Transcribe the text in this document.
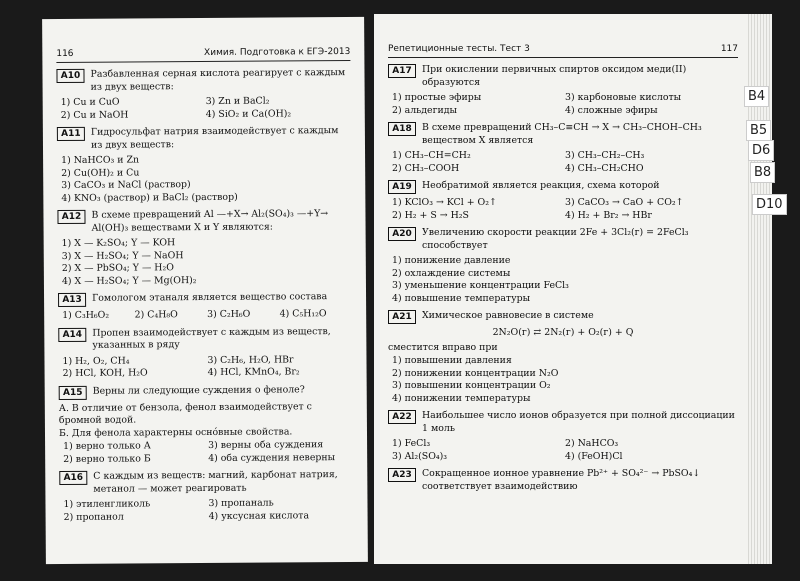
116	Химия. Подготовка к ЕГЭ-2013
A10	Разбавленная серная кислота реагирует с каждым из двух веществ:
1) Cu и CuO	3) Zn и BaCl₂
2) Cu и NaOH	4) SiO₂ и Ca(OH)₂
A11	Гидросульфат натрия взаимодействует с каждым из двух веществ:
1) NaHCO₃ и Zn
2) Cu(OH)₂ и Cu
3) CaCO₃ и NaCl (раствор)
4) KNO₃ (раствор) и BaCl₂ (раствор)
A12	В схеме превращений Al —+X→ Al₂(SO₄)₃ —+Y→ Al(OH)₃ веществами X и Y являются:
1) X — K₂SO₄; Y — KOH
3) X — H₂SO₄; Y — NaOH
2) X — PbSO₄; Y — H₂O
4) X — H₂SO₄; Y — Mg(OH)₂
A13	Гомологом этаналя является вещество состава
1) C₃H₆O₂	2) C₄H₈O	3) C₂H₆O	4) C₅H₁₂O
A14	Пропен взаимодействует с каждым из веществ, указанных в ряду
1) H₂, O₂, CH₄	3) C₂H₆, H₂O, HBr
2) HCl, KOH, H₂O	4) HCl, KMnO₄, Br₂
A15	Верны ли следующие суждения о феноле?
А. В отличие от бензола, фенол взаимодействует с бромной водой.
Б. Для фенола характерны осно́вные свойства.
1) верно только А	3) верны оба суждения
2) верно только Б	4) оба суждения неверны
A16	С каждым из веществ: магний, карбонат натрия, метанол — может реагировать
1) этиленгликоль	3) пропаналь
2) пропанол	4) уксусная кислота
Репетиционные тесты. Тест 3	117
A17	При окислении первичных спиртов оксидом меди(II) образуются
1) простые эфиры	3) карбоновые кислоты
2) альдегиды	4) сложные эфиры
A18	В схеме превращений CH₃–C≡CH → X → CH₃–CHOH–CH₃ веществом X является
1) CH₃–CH=CH₂	3) CH₃–CH₂–CH₃
2) CH₃–COOH	4) CH₃–CH₂CHO
A19	Необратимой является реакция, схема которой
1) KClO₃ → KCl + O₂↑	3) CaCO₃ → CaO + CO₂↑
2) H₂ + S → H₂S	4) H₂ + Br₂ → HBr
A20	Увеличению скорости реакции 2Fe + 3Cl₂(г) = 2FeCl₃ способствует
1) понижение давление
2) охлаждение системы
3) уменьшение концентрации FeCl₃
4) повышение температуры
A21	Химическое равновесие в системе
2N₂O(г) ⇄ 2N₂(г) + O₂(г) + Q
сместится вправо при
1) повышении давления
2) понижении концентрации N₂O
3) повышении концентрации O₂
4) понижении температуры
A22	Наибольшее число ионов образуется при полной диссоциации 1 моль
1) FeCl₃	2) NaHCO₃
3) Al₂(SO₄)₃	4) (FeOH)Cl
A23	Сокращенное ионное уравнение Pb²⁺ + SO₄²⁻ → PbSO₄↓ соответствует взаимодействию
B4
B5
D6
B8
D10
